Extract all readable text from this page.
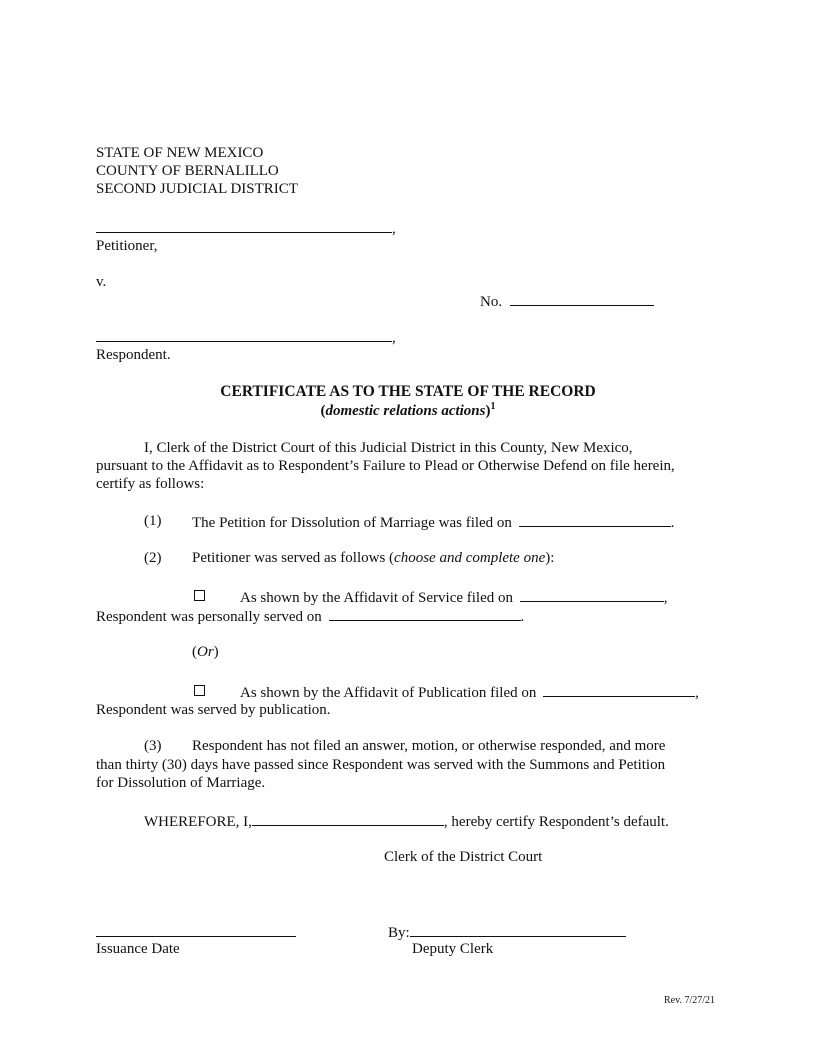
STATE OF NEW MEXICO
COUNTY OF BERNALILLO
SECOND JUDICIAL DISTRICT
,
Petitioner,
v.
No.
,
Respondent.
CERTIFICATE AS TO THE STATE OF THE RECORD
(domestic relations actions)$^1$
I, Clerk of the District Court of this Judicial District in this County, New Mexico,
pursuant to the Affidavit as to Respondent’s Failure to Plead or Otherwise Defend on file herein,
certify as follows:
(1) The Petition for Dissolution of Marriage was filed on	.
(2) Petitioner was served as follows (choose and complete one):
As shown by the Affidavit of Service filed on	,
Respondent was personally served on	.
(Or)
As shown by the Affidavit of Publication filed on	,
Respondent was served by publication.
(3) Respondent has not filed an answer, motion, or otherwise responded, and more
than thirty (30) days have passed since Respondent was served with the Summons and Petition
for Dissolution of Marriage.
WHEREFORE, I,	, hereby certify Respondent’s default.
Clerk of the District Court
Issuance Date
By:
Deputy Clerk
Rev. 7/27/21
